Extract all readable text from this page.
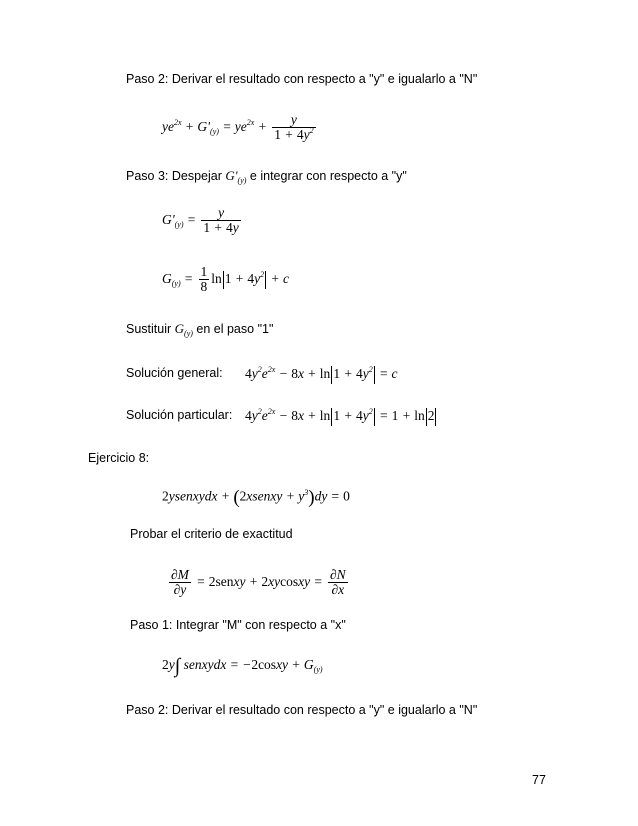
Paso 2: Derivar el resultado con respecto a "y" e igualarlo a "N"
$ye^{2x} + G'_{(y)} = ye^{2x} + \frac{y}{1 + 4y^2}$
Paso 3: Despejar $G'_{(y)}$ e integrar con respecto a "y"
$G'_{(y)} = \frac{y}{1 + 4y}$
$G_{(y)} = \frac{1}{8}$ $\ln 1 + 4y^2 + c$
Sustituir $G_{(y)}$ en el paso "1"
Solución general: $4y^2e^{2x} - 8x + \ln 1 + 4y^2 = c$
Solución particular: $4y^2e^{2x} - 8x + \ln 1 + 4y^2 = 1 + \ln 2$
Ejercicio 8:
2ysenxydx + (2xsenxy + $y^3)dy = 0$
Probar el criterio de exactitud
$\frac{\partial M}{\partial y}$ = 2senxy + 2xycosxy = $\frac{\partial N}{\partial x}$
Paso 1: Integrar "M" con respecto a "x"
2y∫ senxydx = −2cosxy + $G_{(y)}$
Paso 2: Derivar el resultado con respecto a "y" e igualarlo a "N"
77
